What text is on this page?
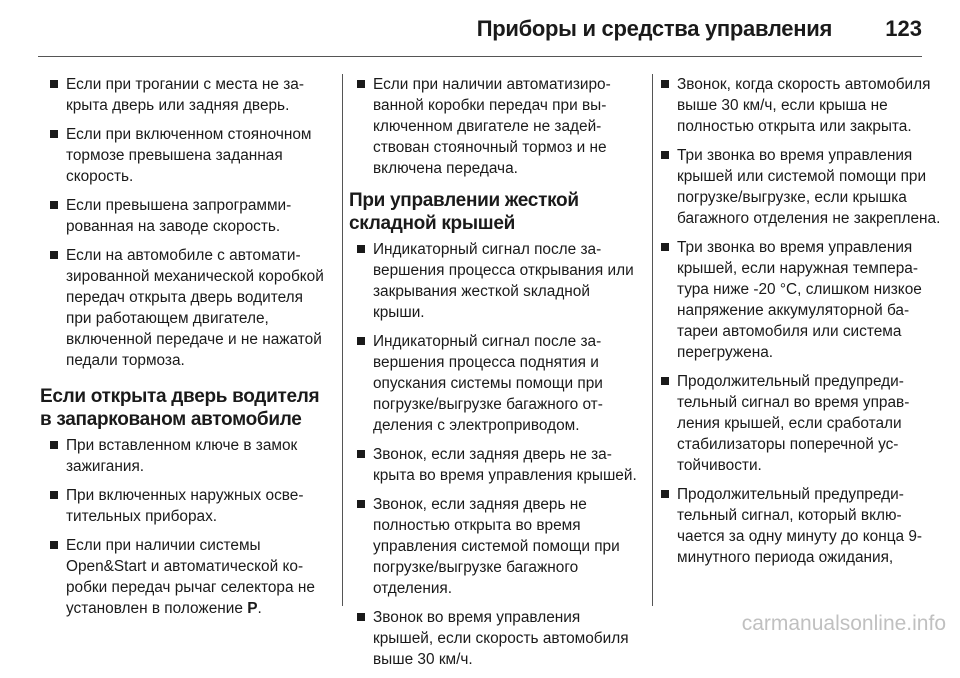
Приборы и средства управления 123
Если при трогании с места не закрыта дверь или задняя дверь.
Если при включенном стояночном тормозе превышена заданная скорость.
Если превышена запрограммированная на заводе скорость.
Если на автомобиле с автоматизированной механической коробкой передач открыта дверь водителя при работающем двигателе, включенной передаче и не нажатой педали тормоза.
Если открыта дверь водителя в запаркованом автомобиле
При вставленном ключе в замок зажигания.
При включенных наружных осветительных приборах.
Если при наличии системы Open&Start и автоматической коробки передач рычаг селектора не установлен в положение P.
Если при наличии автоматизированной коробки передач при выключенном двигателе не задействован стояночный тормоз и не включена передача.
При управлении жесткой складной крышей
Индикаторный сигнал после завершения процесса открывания или закрывания жесткой sкладной крыши.
Индикаторный сигнал после завершения процесса поднятия и опускания системы помощи при погрузке/выгрузке багажного отделения с электроприводом.
Звонок, если задняя дверь не закрыта во время управления крышей.
Звонок, если задняя дверь не полностью открыта во время управления системой помощи при погрузке/выгрузке багажного отделения.
Звонок во время управления крышей, если скорость автомобиля выше 30 км/ч.
Звонок, когда скорость автомобиля выше 30 км/ч, если крыша не полностью открыта или закрыта.
Три звонка во время управления крышей или системой помощи при погрузке/выгрузке, если крышка багажного отделения не закреплена.
Три звонка во время управления крышей, если наружная температура ниже -20 °C, слишком низкое напряжение аккумуляторной батареи автомобиля или система перегружена.
Продолжительный предупредительный сигнал во время управления крышей, если сработали стабилизаторы поперечной устойчивости.
Продолжительный предупредительный сигнал, который включается за одну минуту до конца 9-минутного периода ожидания,
carmanualsonline.info
